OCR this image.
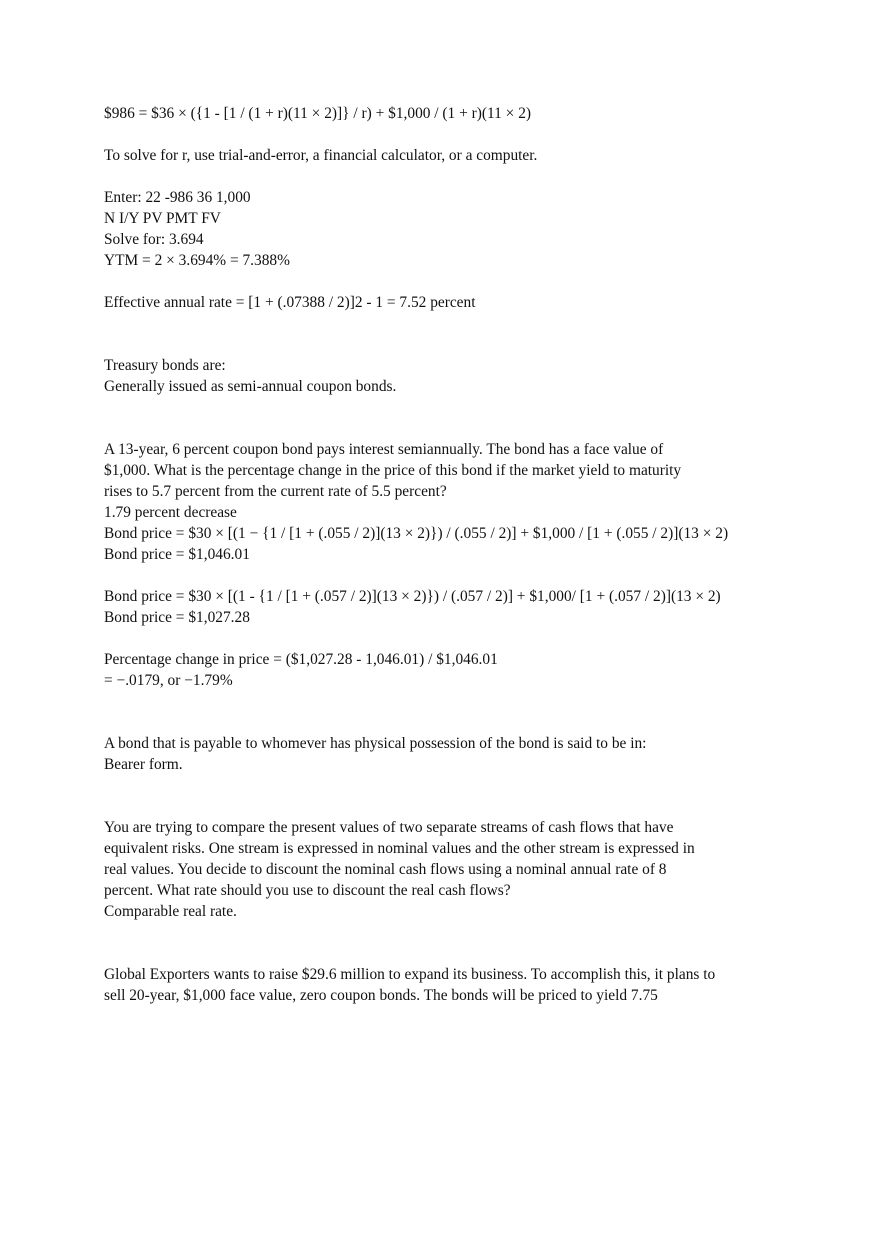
$986 = $36 × ({1 - [1 / (1 + r)(11 × 2)]} / r) + $1,000 / (1 + r)(11 × 2)
To solve for r, use trial-and-error, a financial calculator, or a computer.
Enter: 22 -986 36 1,000
N I/Y PV PMT FV
Solve for: 3.694
YTM = 2 × 3.694% = 7.388%
Effective annual rate = [1 + (.07388 / 2)]2 - 1 = 7.52 percent
Treasury bonds are:
Generally issued as semi-annual coupon bonds.
A 13-year, 6 percent coupon bond pays interest semiannually. The bond has a face value of $1,000. What is the percentage change in the price of this bond if the market yield to maturity rises to 5.7 percent from the current rate of 5.5 percent?
1.79 percent decrease
Bond price = $30 × [(1 − {1 / [1 + (.055 / 2)](13 × 2)}) / (.055 / 2)] + $1,000 / [1 + (.055 / 2)](13 × 2)
Bond price = $1,046.01
Bond price = $30 × [(1 - {1 / [1 + (.057 / 2)](13 × 2)}) / (.057 / 2)] + $1,000/ [1 + (.057 / 2)](13 × 2)
Bond price = $1,027.28
Percentage change in price = ($1,027.28 - 1,046.01) / $1,046.01
= −.0179, or −1.79%
A bond that is payable to whomever has physical possession of the bond is said to be in:
Bearer form.
You are trying to compare the present values of two separate streams of cash flows that have equivalent risks. One stream is expressed in nominal values and the other stream is expressed in real values. You decide to discount the nominal cash flows using a nominal annual rate of 8 percent. What rate should you use to discount the real cash flows?
Comparable real rate.
Global Exporters wants to raise $29.6 million to expand its business. To accomplish this, it plans to sell 20-year, $1,000 face value, zero coupon bonds. The bonds will be priced to yield 7.75
